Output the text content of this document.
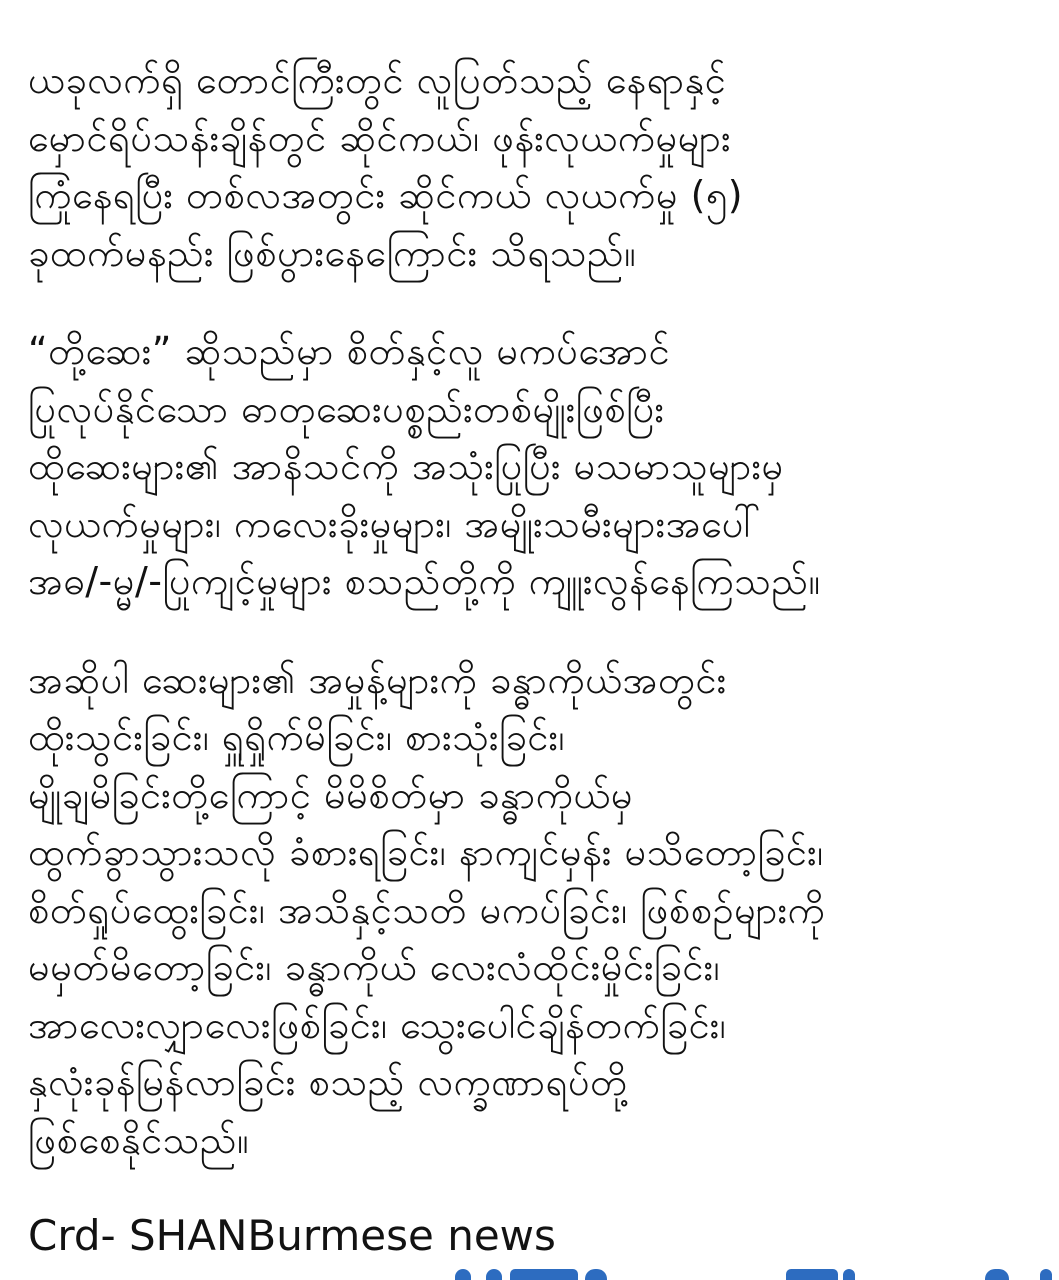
ယခုလက်ရှိ တောင်ကြီးတွင် လူပြတ်သည့် နေရာနှင့်
မှောင်ရိပ်သန်းချိန်တွင် ဆိုင်ကယ်၊ ဖုန်းလုယက်မှုများ
ကြုံနေရပြီး တစ်လအတွင်း ဆိုင်ကယ် လုယက်မှု (၅)
ခုထက်မနည်း ဖြစ်ပွားနေကြောင်း သိရသည်။

“တို့ဆေး” ဆိုသည်မှာ စိတ်နှင့်လူ မကပ်အောင်
ပြုလုပ်နိုင်သော ဓာတုဆေးပစ္စည်းတစ်မျိုးဖြစ်ပြီး
ထိုဆေးများ၏ အာနိသင်ကို အသုံးပြုပြီး မသမာသူများမှ
လုယက်မှုများ၊ ကလေးခိုးမှုများ၊ အမျိုးသမီးများအပေါ်
အဓ/-မ္မ/-ပြုကျင့်မှုများ စသည်တို့ကို ကျူးလွန်နေကြသည်။

အဆိုပါ ဆေးများ၏ အမှုန့်များကို ခန္ဓာကိုယ်အတွင်း
ထိုးသွင်းခြင်း၊ ရှူရှိုက်မိခြင်း၊ စားသုံးခြင်း၊
မျိုချမိခြင်းတို့ကြောင့် မိမိစိတ်မှာ ခန္ဓာကိုယ်မှ
ထွက်ခွာသွားသလို ခံစားရခြင်း၊ နာကျင်မှန်း မသိတော့ခြင်း၊
စိတ်ရှုပ်ထွေးခြင်း၊ အသိနှင့်သတိ မကပ်ခြင်း၊ ဖြစ်စဉ်များကို
မမှတ်မိတော့ခြင်း၊ ခန္ဓာကိုယ် လေးလံထိုင်းမှိုင်းခြင်း၊
အာလေးလျှာလေးဖြစ်ခြင်း၊ သွေးပေါင်ချိန်တက်ခြင်း၊
နှလုံးခုန်မြန်လာခြင်း စသည့် လက္ခဏာရပ်တို့
ဖြစ်စေနိုင်သည်။

Crd- SHANBurmese news
